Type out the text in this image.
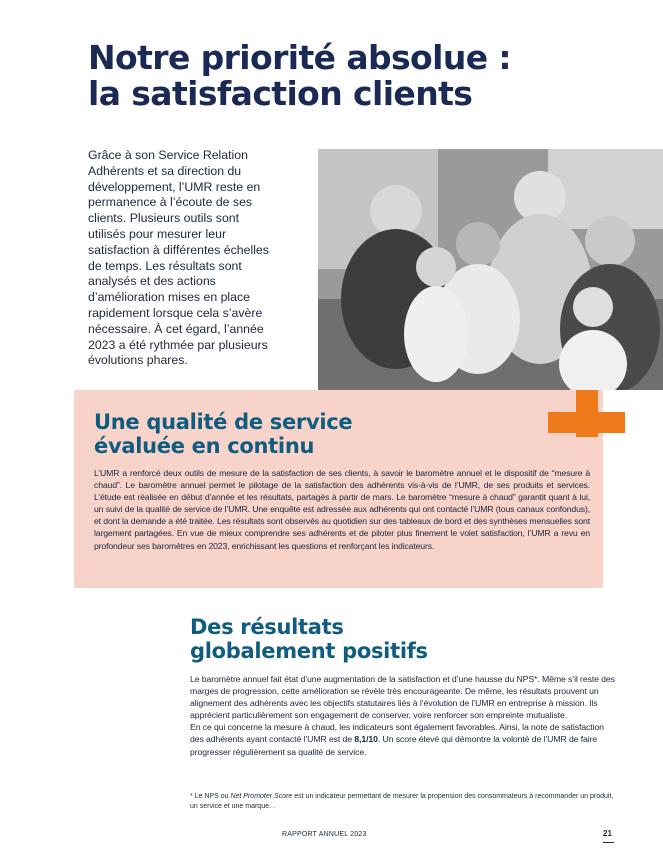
Notre priorité absolue :
la satisfaction clients

Grâce à son Service Relation Adhérents et sa direction du développement, l’UMR reste en permanence à l’écoute de ses clients. Plusieurs outils sont utilisés pour mesurer leur satisfaction à différentes échelles de temps. Les résultats sont analysés et des actions d’amélioration mises en place rapidement lorsque cela s’avère nécessaire. À cet égard, l’année 2023 a été rythmée par plusieurs évolutions phares.

Une qualité de service
évaluée en continu

L’UMR a renforcé deux outils de mesure de la satisfaction de ses clients, à savoir le baromètre annuel et le dispositif de “mesure à chaud”. Le baromètre annuel permet le pilotage de la satisfaction des adhérents vis-à-vis de l’UMR, de ses produits et services. L’étude est réalisée en début d’année et les résultats, partagés à partir de mars. Le baromètre “mesure à chaud” garantit quant à lui, un suivi de la qualité de service de l’UMR. Une enquête est adressée aux adhérents qui ont contacté l’UMR (tous canaux confondus), et dont la demande a été traitée. Les résultats sont observés au quotidien sur des tableaux de bord et des synthèses mensuelles sont largement partagées. En vue de mieux comprendre ses adhérents et de piloter plus finement le volet satisfaction, l’UMR a revu en profondeur ses baromètres en 2023, enrichissant les questions et renforçant les indicateurs.

Des résultats
globalement positifs

Le baromètre annuel fait état d’une augmentation de la satisfaction et d’une hausse du NPS*. Même s’il reste des marges de progression, cette amélioration se révèle très encourageante. De même, les résultats prouvent un alignement des adhérents avec les objectifs statutaires liés à l’évolution de l’UMR en entreprise à mission. Ils apprécient particulièrement son engagement de conserver, voire renforcer son empreinte mutualiste.

En ce qui concerne la mesure à chaud, les indicateurs sont également favorables. Ainsi, la note de satisfaction des adhérents ayant contacté l’UMR est de 8,1/10. Un score élevé qui démontre la volonté de l’UMR de faire progresser régulièrement sa qualité de service.

* Le NPS ou Net Promoter Score est un indicateur permettant de mesurer la propension des consommateurs à recommander un produit, un service et une marque. .

RAPPORT ANNUEL 2023	21
